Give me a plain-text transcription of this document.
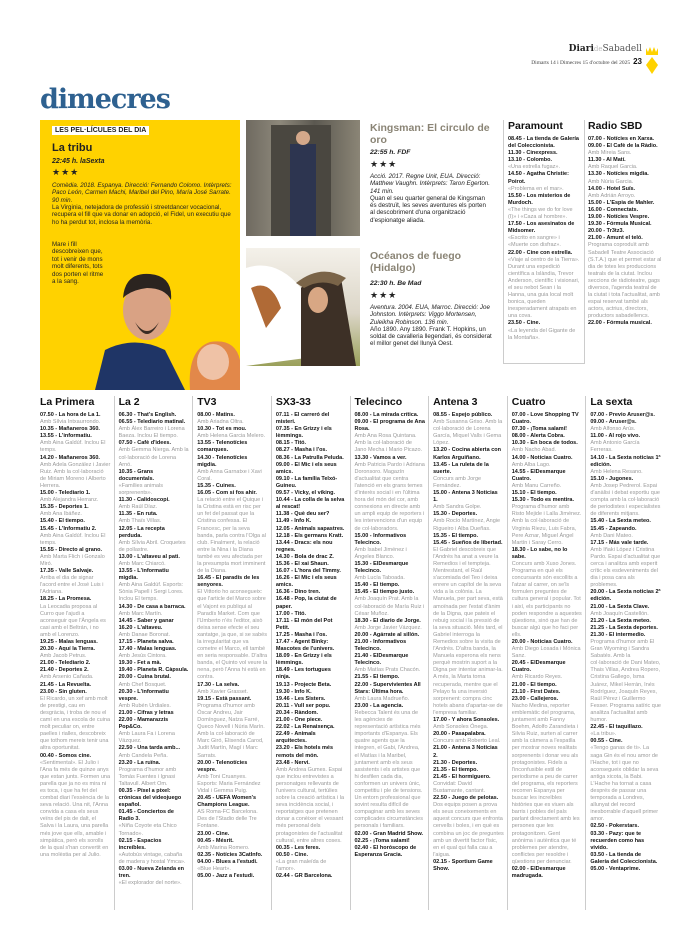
DiarideSabadell
Dimarts 14 i Dimecres 15 d'octubre del 2025 23
dimecres
LES PEL·LÍCULES DEL DIA
La tribu
22:45 h. laSexta
★★★
Comèdia. 2018. Espanya. Direcció: Fernando Colomo. Intèrprets: Paco León, Carmen Machi, Maribel del Pino, María José Sarrate. 90 min.
La Virginia, netejadora de professió i streetdancer vocacional, recupera el fill que va donar en adopció, el Fidel, un executiu que ho ha perdut tot, inclosa la memòria.
Mare i fill descobreixen que, tot i venir de mons molt diferents, tots dos porten el ritme a la sang.
Kingsman: El circulo de oro
22:55 h. FDF
★★★
Acció. 2017. Regne Unit, EUA. Direcció: Matthew Vaughn. Intèrprets: Taron Egerton. 141 min.
Quan el seu quarter general de Kingsman és destruït, les seves aventures els porten al descobriment d'una organització d'espionatge aliada.
Océanos de fuego (Hidalgo)
22:30 h. Be Mad
★★★
Aventura. 2004. EUA, Marroc. Direcció: Joe Johnston. Intèrprets: Viggo Mortensen, Zuleikha Robinson. 136 min.
Año 1890. Any 1890. Frank T. Hopkins, un soldat de cavalleria llegendari, és considerat el millor genet del llunyà Oest.
Paramount
08.45 - La tienda de Galería del Coleccionista.
11.30 - Cinexpress.
13.10 - Colombo.
«Una estrella fugaz».
14.50 - Agatha Christie: Poirot.
«Problema en el mar».
15.50 - Los misterios de Murdoch.
«The things we do for love (I)» i «Caza al hombre».
17.50 - Los asesinatos de Midsomer.
«Escrito en sangre» i «Muerte con disfraz».
22.00 - Cine con estrella.
«Viaje al centro de la Tierra». Durant una expedició científica a Islàndia, Trevor Anderson, científic i visionari, el seu nebot Sean i la Hanna, una guia local molt bonica, queden inesperadament atrapats en una cova.
23.50 - Cine.
«La leyenda del Gigante de la Montaña».
Radio SBD
07.00 - Notícies en Xarxa.
09.00 - El Cafè de la Ràdio.
Amb Mireia Sans.
11.30 - Al Matí.
Amb Raquel Garcia.
13.30 - Notícies migdia.
Amb Núria Garcia.
14.00 - Hotel Suïs.
Amb Adrián Arroyo.
15.00 - L'Espia de Mahler.
16.00 - Connectats.
19.00 - Notícies Vespre.
19.30 - Fórmula Musical.
20.00 - Tr3tz3.
21.00 - Amunt el teló.
Programa coproduït amb Sabadell Teatre Associació (S.T.A.) que et permet estar al dia de totes les produccions teatrals de la ciutat. Inclou seccions de ràdioteatre, gags diversos, l'agenda teatral de la ciutat i tota l'actualitat, amb espai reservat també als actors, actrius, directors, productors sabadellencs.
22.00 - Fórmula musical.
La Primera
07.50 - La hora de La 1.
Amb Sílvia Intxaurrondo.
10.35 - Mañaneros 360.
13.55 - L'informatiu.
Amb Aina Galdúf. Inclou El temps.
14.20 - Mañaneros 360.
Amb Adela González i Javier Ruiz. Amb la col·laboració de Miriam Moreno i Alberto Herrera.
15.00 - Telediario 1.
Amb Alejandra Herranz.
15.35 - Deportes 1.
Amb Ana Ibáñez.
15.40 - El tiempo.
15.45 - L'Informatiu 2.
Amb Aina Galdúf. Inclou El temps.
15.55 - Directo al grano.
Amb Marta Flich i Gonzalo Miró.
17.35 - Valle Salvaje.
Arriba el dia de signar l'acord entre el José Luis i l'Adriana.
18.25 - La Promesa.
La Leocadia proposa al Curro que l'ajudi a aconseguir que l'Àngela es casi amb el Beltrán, i no amb el Lorenzo.
19.25 - Malas lenguas.
20.30 - Aquí la Tierra.
Amb Jacob Petrus.
21.00 - Telediario 2.
21.40 - Deportes 2.
Amb Arsenio Cañada.
21.45 - La Revuelta.
23.00 - Sin gluten.
El Ricardo, un xef amb molt de prestigi, cau en desgràcia, i troba de nou el camí en una escola de cuina molt peculiar on, entre paelles i rialles, descobreix que tothom mereix tenir una altra oportunitat.
00.40 - Somos cine.
«Sentimental». El Julio i l'Ana fa més de quinze anys que estan junts. Formen una parella que ja no es mira ni es toca, i que ha fet del combat diari l'essència de la seva relació. Una nit, l'Anna convida a casa els seus veïns del pis de dalt, el Salva i la Laura, una parella més jove que ells, amable i simpàtica, però els sorolls de la qual s'han convertit en una molèstia per al Julio.
La 2
06.30 - That's English.
06.55 - Telediario matinal.
Amb Àlex Barreiro i Lorena Baeza. Inclou El tiempo.
07.50 - Cafè d'idees.
Amb Gemma Nierga. Amb la col·laboració de Lorena Arnó.
10.35 - Grans documentals.
«Famílies animals sorprenents».
11.30 - Calidoscopi.
Amb Raúl Díaz.
11.35 - En ruta.
Amb Thaïs Villas.
12.05 - La recepta perduda.
Amb Sílvia Abril. Croquetes de pollastre.
13.00 - L'altaveu al pati.
Amb Marc Chiarcó.
13.55 - L'informatiu migdia.
Amb Aina Galdúf. Esports: Sònia Papell i Sergi Lores. Inclou El temps.
14.30 - De casa a barraca.
Amb Marc Martín.
14.45 - Saber y ganar
16.20 - L'altaveu.
Amb Danae Boronat.
17.15 - Planeta salva.
17.40 - Malas lenguas.
Amb Jesús Cintora.
19.30 - Fet a mà.
19.40 - Planeta R. Càpsula.
20.00 - Cuina brutal.
Amb Chef Bosquet.
20.30 - L'informatiu vespre.
Amb Rubén Urdiales.
21.00 - Cifras y letras
22.00 - Mamarazzis Pop&Co.
Amb Laura Fa i Lorena Vázquez.
22.50 - Una tarda amb...
Amb Candela Peña.
23.20 - La ruïna.
Programa d'humor amb Tomàs Fuentes i Ignasi Taltavull. Albert Om.
00.35 - Píxel a píxel: crónicas del videojuego español.
01.45 - Conciertos de Radio 3.
«Niña Coyote eta Chico Tornado».
02.15 - Espacios increíbles.
«Autobús vintage, cabaña de madera y hostal Ymca».
03.00 - Nueva Zelanda en tren.
«El explorador del norte».
TV3
08.00 - Matins.
Amb Ariadna Oltra.
10.30 - Tot es mou.
Amb Helena Garcia Melero.
13.55 - Telenotícies comarques.
14.30 - Telenotícies migdia.
Amb Anna Garnatxe i Xavi Coral.
15.35 - Cuines.
16.05 - Com si fos ahir.
La relació entre el Quique i la Cristina està en risc per un fet del passat que la Cristina confessa. El Francesc, per la seva banda, parla contra l'Olga al club. Finalment, la relació entre la Nina i la Diana també es veu afectada per la presumpta mort imminent de la Diana.
16.45 - El paradís de les senyores.
El Vittorio ho aconsegueix: que l'article del Marco sobre el Vajont es publiqui al Paradís Market. Com que l'Umberto n'és l'editor, això deixa sense efecte el seu xantatge, ja que, si se sabés la irregularitat que va cometre el Marco, ell també en seria responsable. D'altra banda, el Quinto vol veure la nena, però l'Anna hi està en contra.
17.30 - La selva.
Amb Xavier Grasset.
19.15 - Està passant.
Programa d'humor amb Òscar Andreu, Jair Domínguez, Natza Farré, Queco Novell i Núria Marín. Amb la col·laboració de Marc Giró, Elisenda Carod, Judit Martín, Magí i Marc Sarrats.
20.00 - Telenotícies vespre.
Amb Toni Cruanyes. Esports: Maria Fernández Vidal i Gemma Puig.
20.45 - UEFA Women's Champions League.
AS Roma-FC Barcelona. Des de l'Stadio delle Tre Fontane.
23.00 - Cine.
00.45 - Mésrit.
Amb Marina Romero.
02.35 - Notícies 3CatInfo.
04.00 - Blues a l'estudi.
«Blue Heart».
05.00 - Jazz a l'estudi.
SX3-33
07.11 - El carreró del misteri.
07.35 - En Grizzy i els lèmmings.
08.15 - Titó.
08.27 - Masha i l'os.
08.36 - La Patrulla Peluda.
09.00 - El Mic i els seus amics.
09.10 - La família Telxó-Guineu.
09.57 - Vicky, el víking.
10.44 - La colla de la selva al rescat!
11.38 - Què deu ser?
11.49 - Info K.
12.05 - Animals sapastres.
12.18 - Els germans Kratt.
13.44 - Dracs: els nou regnes.
14.30 - Bola de drac Z.
15.36 - El xai Shaun.
16.07 - L'hora del Timmy.
16.26 - El Mic i els seus amics.
16.36 - Dino tren.
16.48 - Pop, la ciutat de paper.
17.00 - Titó.
17.11 - El món del Pot Petit.
17.25 - Masha i l'os.
17.47 - Agent Binky: Mascotes de l'univers.
18.09 - En Grizzy i els lèmmings.
18.49 - Les tortugues ninja.
19.13 - Projecte Beta.
19.30 - Info K.
19.46 - Les Sisters.
20.11 - Vull ser popu.
20.34 - Ràndom.
21.00 - One piece.
22.02 - La Renaixença.
22.49 - Animals arquitectes.
23.20 - Els hotels més remots del món.
23.48 - Nervi.
Amb Andrea Gumes. Espai que inclou entrevistes a personatges rellevants de l'univers cultural, tertúlies sobre la creació artística i la seva incidència social, i reportatges que pretenen donar a conèixer el vessant més personal dels protagonistes de l'actualitat cultural, entre altres coses.
00.35 - Les feres.
00.50 - Cine.
«La gran maleïda de l'amor».
02.44 - GR Barcelona.
Telecinco
08.00 - La mirada crítica.
09.00 - El programa de Ana Rosa.
Amb Ana Rosa Quintana. Amb la col·laboració de Jano Mecha i Mario Picazo.
13.30 - Vamos a ver.
Amb Patricia Pardo i Adriana Doronsoro. Magazín d'actualitat que centra l'atenció en els grans temes d'interès social i en l'última hora del món del cor, amb connexions en directe amb un ampli equip de reporters i les intervencions d'un equip de col·laboradors.
15.00 - Informativos Telecinco.
Amb Isabel Jiménez i Ángeles Blanco.
15.30 - ElDesmarque Telecinco.
Amb Lucía Taboada.
15.40 - El tiempo.
15.45 - El tiempo justo.
Amb Joaquín Prat. Amb la col·laboració de María Ruiz i César Muñoz.
18.30 - El diario de Jorge.
Amb Jorge Javier Vázquez.
20.00 - Agárrate al sillón.
21.00 - Informativos Telecinco.
21.40 - ElDesmarque Telecinco.
Amb Matías Prats Chacón.
21.55 - El tiempo.
22.00 - Supervivientes All Stars: Última hora.
Amb Laura Madrueño.
23.00 - La agencia.
Rebecca Talent és una de les agències de representació artística més importants d'Espanya. Els quatre agents que la integren, el Gabi, l'Andrea, el Matías i la Maribel, juntament amb els seus assistents i els artistes que hi desfilen cada dia, conformen un univers únic, competitiu i ple de tensions. Un entorn professional que sovint resulta difícil de compaginar amb les seves complicades circumstàncies personals i familiars.
02.00 - Gran Madrid Show.
02.25 - ¡Toma salami!
02.40 - El horóscopo de Esperanza Gracia.
Antena 3
08.55 - Espejo público.
Amb Susanna Griso. Amb la col·laboració de Lorena García, Miquel Valls i Gema López.
13.20 - Cocina abierta con Karlos Arguiñano.
13.45 - La ruleta de la suerte.
Concurs amb Jorge Fernández.
15.00 - Antena 3 Noticias 1.
Amb Sandra Golpe.
15.30 - Deportes.
Amb Rocío Martínez, Angie Rigueiro i Alba Dueñas.
15.35 - El tiempo.
15.45 - Sueños de libertad.
El Gabriel descobreix que l'Andrés ha anat a veure la Remedios i el tempteja. Mentrestant, el Raúl s'acomiada del Teo i deixa enrere un capítol de la seva vida a la colònia. La Manuela, per part seva, està amoïnada per l'estat d'ànim de la Digna, que pateix el rebuig social i la pressió de la seva situació. Més tard, el Gabriel interroga la Remedios sobre la visita de l'Andrés. D'altra banda, la Manuela esperona els nens perquè mostrin suport a la Digna per intentar animar-la. A més, la Marta torna recuperada, mentre que el Pelayo fa una inversió sorprenent: compra cinc hotels abans d'apartar-se de l'empresa familiar.
17.00 - Y ahora Sonsoles.
Amb Sonsoles Ónega.
20.00 - Pasapalabra.
Concurs amb Roberto Leal.
21.00 - Antena 3 Noticias 2.
21.30 - Deportes.
21.35 - El tiempo.
21.45 - El hormiguero.
Convidat: David Bustamante, cantant.
22.50 - Juego de pelotas.
Dos equips posen a prova els seus coneixements en aquest concurs que enfronta cervells i boles, i en què es combina un joc de preguntes amb un divertit factor físic, en el qual qui falla cau a l'aigua.
02.15 - Sportium Game Show.
Cuatro
07.00 - Love Shopping TV Cuatro.
07.30 - ¡Toma salami!
08.00 - Alerta Cobra.
10.30 - En boca de todos.
Amb Nacho Abad.
14.00 - Noticias Cuatro.
Amb Alba Lago.
14.55 - ElDesmarque Cuatro.
Amb Manu Carreño.
15.10 - El tiempo.
15.30 - Todo es mentira.
Programa d'humor amb Risto Mejide i Lalla Jiménez. Amb la col·laboració de Virginia Riezu, Luis Fabra, Pere Aznar, Miguel Ángel Martín i Saray Cerro.
18.30 - Lo sabe, no lo sabe.
Concurs amb Xuso Jones. Programa en què els concursants són escollits a l'atzar al carrer, on se'ls formulen preguntes de cultura general i popular. Tot i així, els participants no poden respondre a aquestes qüestions, sinó que han de buscar algú que ho faci per ells.
20.00 - Noticias Cuatro.
Amb Diego Losada i Mónica Sanz.
20.45 - ElDesmarque Cuatro.
Amb Ricardo Reyes.
21.00 - El tiempo.
21.10 - First Dates.
23.00 - Callejeros.
Nacho Medina, reporter emblemàtic del programa, juntament amb Fanny Boehm, Adolfo Zarandieta i Silvia Ruiz, surten al carrer amb la càmera a l'espatlla per mostrar noves realitats sorprenents i donar veu als protagonistes. Fidels a l'inconfusible estil de periodisme a peu de carrer del programa, els reporters recorren Espanya per buscar les increïbles històries que es viuen als barris i pobles del país parlant directament amb les persones que les protagonitzen. Gent anònima i autèntica que té problemes per atendre, conflictes per resoldre i qüestions per denunciar.
02.00 - ElDesmarque madrugada.
La sexta
07.00 - Previo Aruser@s.
09.00 - Aruser@s.
Amb Alfonso Arús.
11.00 - Al rojo vivo.
Amb Antonio García Ferreras.
14.10 - La Sexta noticias 1ª edición.
Amb Helena Resano.
15.10 - Jugones.
Amb Josep Pedrerol. Espai d'anàlisi i debat esportiu que compta amb la col·laboració de periodistes i especialistes de diferents mitjans.
15.40 - La Sexta meteo.
15.45 - Zapeando.
Amb Dani Mateo.
17.15 - Más vale tarde.
Amb Iñaki López i Cristina Pardo. Espai d'actualitat que cerca i analitza amb esperit crític els esdeveniments del dia i posa cara als problemes.
20.00 - La Sexta noticias 2ª edición.
21.00 - La Sexta Clave.
Amb Joaquín Castellón.
21.20 - La Sexta meteo.
21.25 - La Sexta deportes.
21.30 - El intermedio.
Programa d'humor amb El Gran Wyoming i Sandra Sabatés. Amb la col·laboració de Dani Mateo, Thais Villas, Andrea Ropero, Cristina Gallego, Isma Juárez, Mikel Herrán, Inés Rodríguez, Joaquín Reyes, Raúl Pérez i Guillermo Fesser. Programa satíric que analitza l'actualitat amb humor.
22.45 - El taquillazo.
«La tribu».
00.55 - Cine.
«Tengo ganas de ti». La saga Gin és el nou amor de l'Hache, tot i que no aconsegueix oblidar la seva antiga xicota, la Babi. L'Hache ha tornat a casa després de passar una temporada a Londres, allunyat del record inesborrable d'aquell primer amor.
02.50 - Pokerstars.
03.30 - Pazy: que te recuerden como has vivido.
03.50 - La tienda de Galería del Coleccionista.
05.00 - Ventaprime.
